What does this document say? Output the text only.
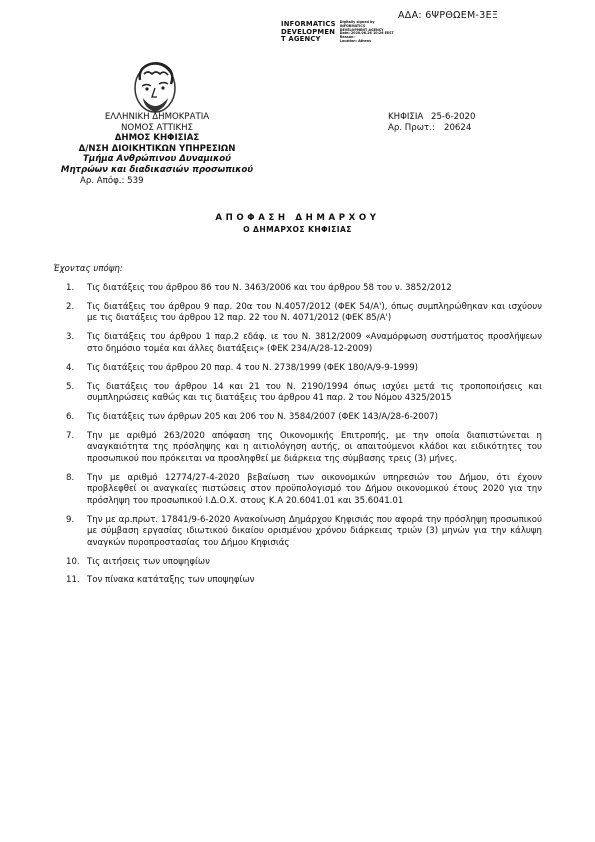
ΑΔΑ: 6ΨΡΘΩΕΜ-3ΕΞ
INFORMATICS
DEVELOPMEN
T AGENCY
Digitally signed by
INFORMATICS
DEVELOPMENT AGENCY
Date: 2020.06.26 10:26 EEST
Reason:
Location: Athens
ΕΛΛΗΝΙΚΗ ΔΗΜΟΚΡΑΤΙΑ
ΝΟΜΟΣ ΑΤΤΙΚΗΣ
ΔΗΜΟΣ ΚΗΦΙΣΙΑΣ
Δ/ΝΣΗ ΔΙΟΙΚΗΤΙΚΩΝ ΥΠΗΡΕΣΙΩΝ
Τμήμα Ανθρώπινου Δυναμικού
Μητρώων και διαδικασιών προσωπικού
Αρ. Απόφ.: 539
ΚΗΦΙΣΙΑ 25-6-2020
Αρ. Πρωτ.: 20624
ΑΠΟΦΑΣΗ ΔΗΜΑΡΧΟΥ
Ο ΔΗΜΑΡΧΟΣ ΚΗΦΙΣΙΑΣ
Έχοντας υπόψη:
1.	Τις διατάξεις του άρθρου 86 του Ν. 3463/2006 και του άρθρου 58 του ν. 3852/2012
2.	Τις διατάξεις του άρθρου 9 παρ. 20α του Ν.4057/2012 (ΦΕΚ 54/Α'), όπως συμπληρώθηκαν και ισχύουν με τις διατάξεις του άρθρου 12 παρ. 22 του Ν. 4071/2012 (ΦΕΚ 85/Α')
3.	Τις διατάξεις του άρθρου 1 παρ.2 εδάφ. ιε του Ν. 3812/2009 «Αναμόρφωση συστήματος προσλήψεων στο δημόσιο τομέα και άλλες διατάξεις» (ΦΕΚ 234/Α/28-12-2009)
4.	Τις διατάξεις του άρθρου 20 παρ. 4 του Ν. 2738/1999 (ΦΕΚ 180/Α/9-9-1999)
5.	Τις διατάξεις του άρθρου 14 και 21 του Ν. 2190/1994 όπως ισχύει μετά τις τροποποιήσεις και συμπληρώσεις καθώς και τις διατάξεις του άρθρου 41 παρ. 2 του Νόμου 4325/2015
6.	Τις διατάξεις των άρθρων 205 και 206 του Ν. 3584/2007 (ΦΕΚ 143/Α/28-6-2007)
7.	Την με αριθμό 263/2020 απόφαση της Οικονομικής Επιτροπής, με την οποία διαπιστώνεται η αναγκαιότητα της πρόσληψης και η αιτιολόγηση αυτής, οι απαιτούμενοι κλάδοι και ειδικότητες του προσωπικού που πρόκειται να προσληφθεί με διάρκεια της σύμβασης τρεις (3) μήνες.
8.	Την με αριθμό 12774/27-4-2020 βεβαίωση των οικονομικών υπηρεσιών του Δήμου, ότι έχουν προβλεφθεί οι αναγκαίες πιστώσεις στον προϋπολογισμό του Δήμου οικονομικού έτους 2020 για την πρόσληψη του προσωπικού Ι.Δ.Ο.Χ. στους Κ.Α 20.6041.01 και 35.6041.01
9.	Την με αρ.πρωτ. 17841/9-6-2020 Ανακοίνωση Δημάρχου Κηφισιάς που αφορά την πρόσληψη προσωπικού με σύμβαση εργασίας ιδιωτικού δικαίου ορισμένου χρόνου διάρκειας τριών (3) μηνών για την κάλυψη αναγκών πυροπροστασίας του Δήμου Κηφισιάς
10. Τις αιτήσεις των υποψηφίων
11. Τον πίνακα κατάταξης των υποψηφίων
